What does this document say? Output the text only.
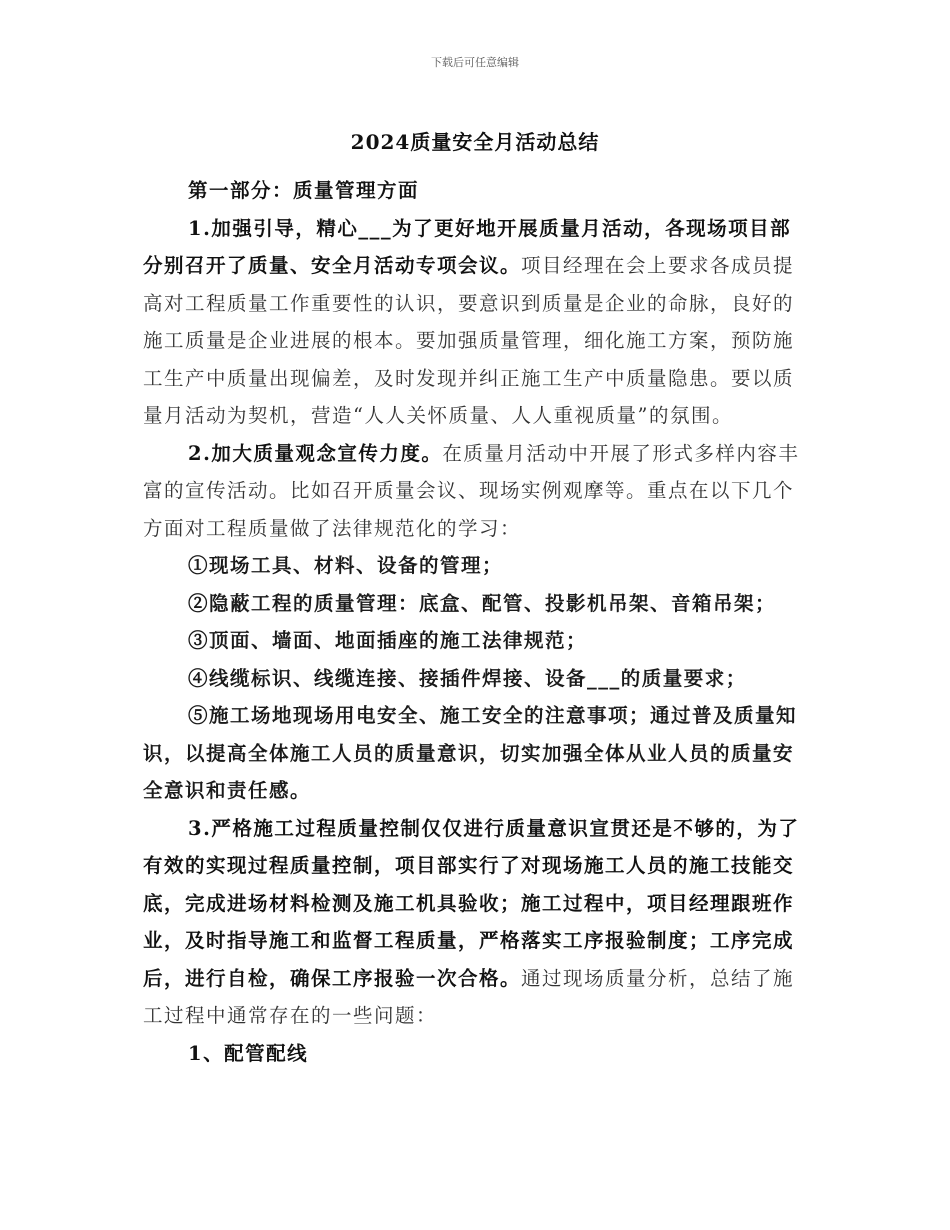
下载后可任意编辑
2024质量安全月活动总结

第一部分：质量管理方面

1.加强引导，精心___为了更好地开展质量月活动，各现场项目部分别召开了质量、安全月活动专项会议。项目经理在会上要求各成员提高对工程质量工作重要性的认识，要意识到质量是企业的命脉，良好的施工质量是企业进展的根本。要加强质量管理，细化施工方案，预防施工生产中质量出现偏差，及时发现并纠正施工生产中质量隐患。要以质量月活动为契机，营造“人人关怀质量、人人重视质量”的氛围。

2.加大质量观念宣传力度。在质量月活动中开展了形式多样内容丰富的宣传活动。比如召开质量会议、现场实例观摩等。重点在以下几个方面对工程质量做了法律规范化的学习：

①现场工具、材料、设备的管理；

②隐蔽工程的质量管理：底盒、配管、投影机吊架、音箱吊架；

③顶面、墙面、地面插座的施工法律规范；

④线缆标识、线缆连接、接插件焊接、设备___的质量要求；

⑤施工场地现场用电安全、施工安全的注意事项；通过普及质量知识，以提高全体施工人员的质量意识，切实加强全体从业人员的质量安全意识和责任感。

3.严格施工过程质量控制仅仅进行质量意识宣贯还是不够的，为了有效的实现过程质量控制，项目部实行了对现场施工人员的施工技能交底，完成进场材料检测及施工机具验收；施工过程中，项目经理跟班作业，及时指导施工和监督工程质量，严格落实工序报验制度；工序完成后，进行自检，确保工序报验一次合格。通过现场质量分析，总结了施工过程中通常存在的一些问题：

1、配管配线
